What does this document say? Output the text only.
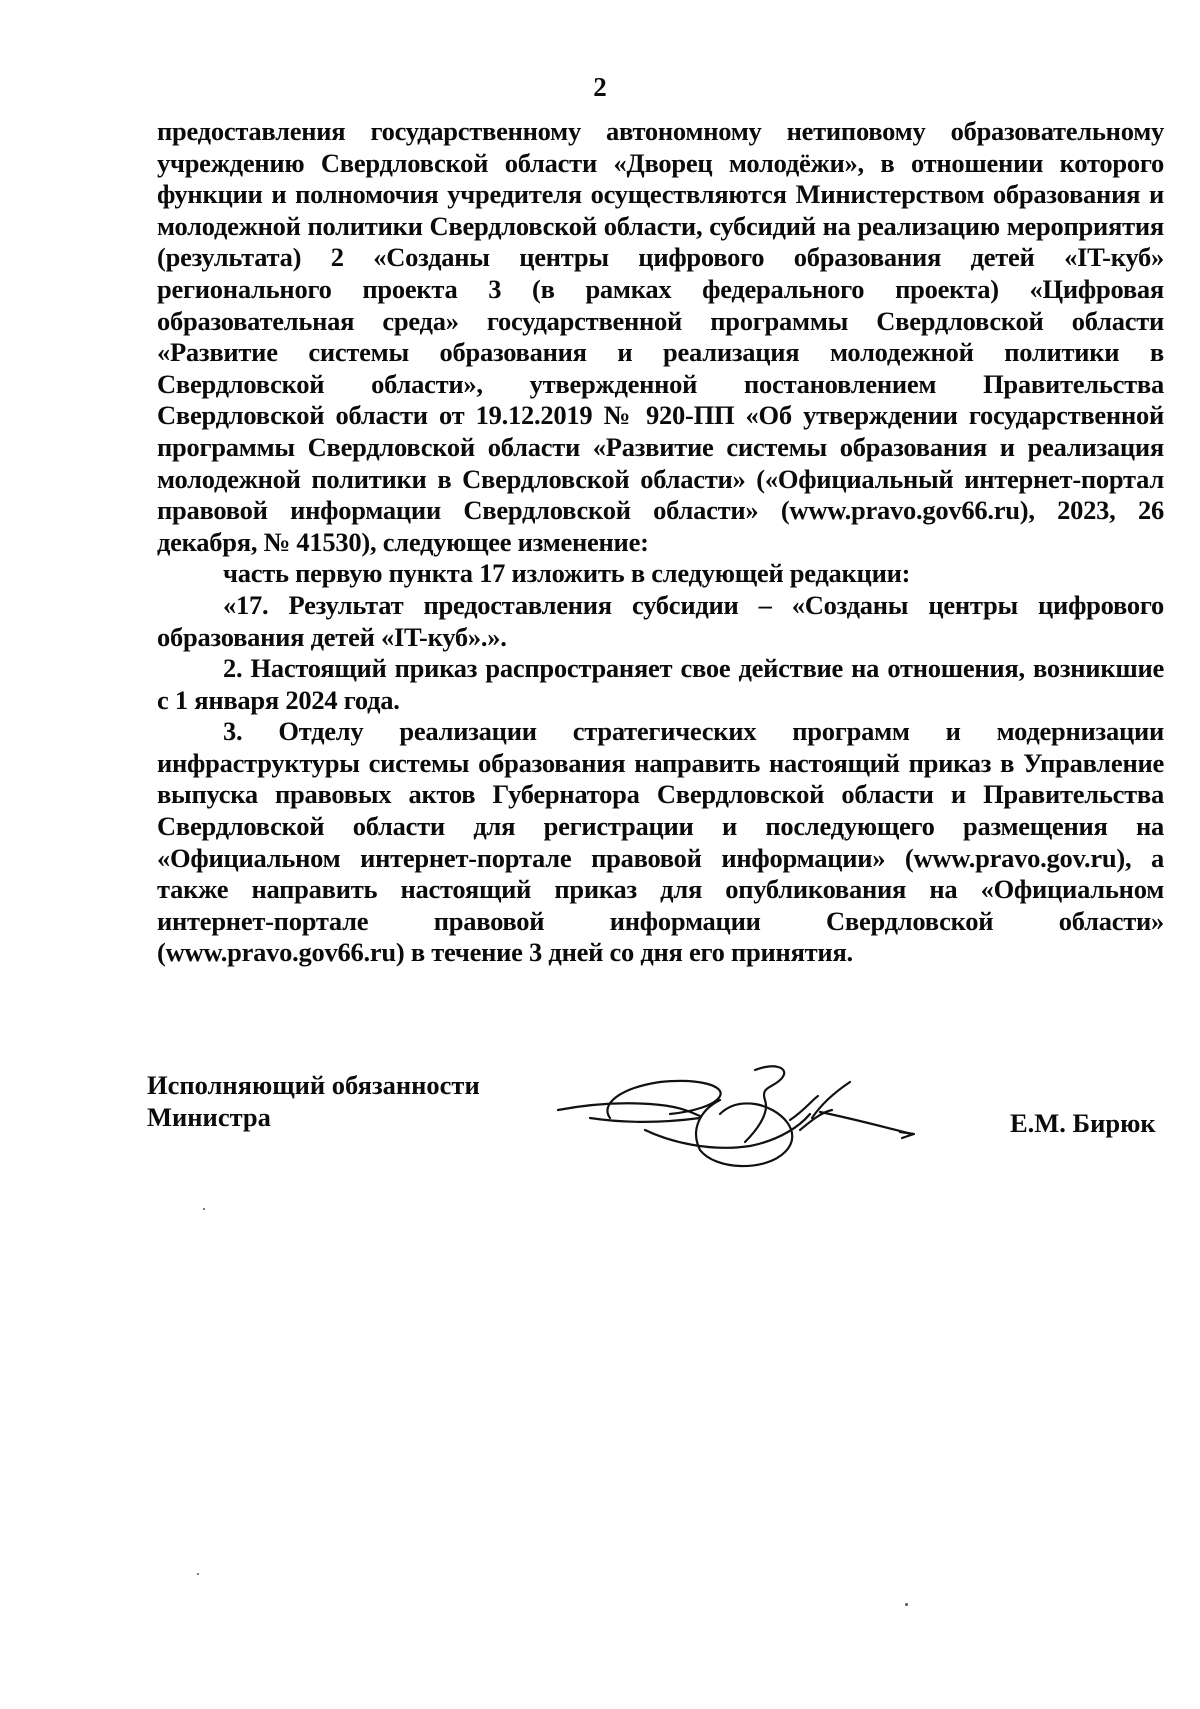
2

предоставления государственному автономному нетиповому образовательному учреждению Свердловской области «Дворец молодёжи», в отношении которого функции и полномочия учредителя осуществляются Министерством образования и молодежной политики Свердловской области, субсидий на реализацию мероприятия (результата) 2 «Созданы центры цифрового образования детей «IT-куб» регионального проекта 3 (в рамках федерального проекта) «Цифровая образовательная среда» государственной программы Свердловской области «Развитие системы образования и реализация молодежной политики в Свердловской области», утвержденной постановлением Правительства Свердловской области от 19.12.2019 № 920-ПП «Об утверждении государственной программы Свердловской области «Развитие системы образования и реализация молодежной политики в Свердловской области» («Официальный интернет-портал правовой информации Свердловской области» (www.pravo.gov66.ru), 2023, 26 декабря, № 41530), следующее изменение:

часть первую пункта 17 изложить в следующей редакции:

«17. Результат предоставления субсидии – «Созданы центры цифрового образования детей «IT-куб».».

2. Настоящий приказ распространяет свое действие на отношения, возникшие с 1 января 2024 года.

3. Отделу реализации стратегических программ и модернизации инфраструктуры системы образования направить настоящий приказ в Управление выпуска правовых актов Губернатора Свердловской области и Правительства Свердловской области для регистрации и последующего размещения на «Официальном интернет-портале правовой информации» (www.pravo.gov.ru), а также направить настоящий приказ для опубликования на «Официальном интернет-портале правовой информации Свердловской области» (www.pravo.gov66.ru) в течение 3 дней со дня его принятия.

Исполняющий обязанности
Министра	Е.М. Бирюк
